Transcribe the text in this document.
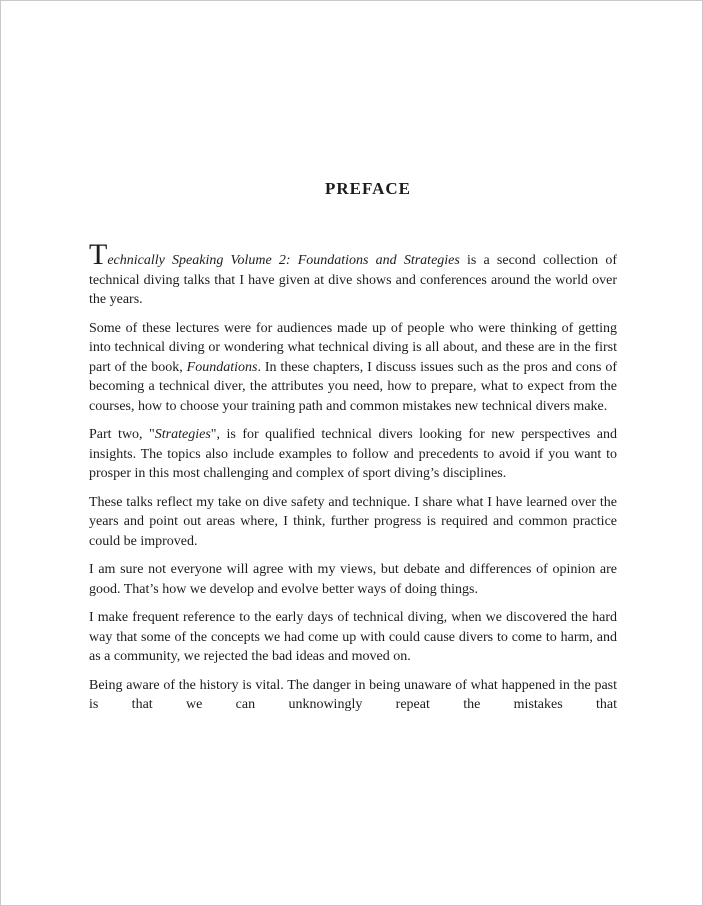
PREFACE

Technically Speaking Volume 2: Foundations and Strategies is a second collection of technical diving talks that I have given at dive shows and conferences around the world over the years.

Some of these lectures were for audiences made up of people who were thinking of getting into technical diving or wondering what technical diving is all about, and these are in the first part of the book, Foundations. In these chapters, I discuss issues such as the pros and cons of becoming a technical diver, the attributes you need, how to prepare, what to expect from the courses, how to choose your training path and common mistakes new technical divers make.

Part two, "Strategies", is for qualified technical divers looking for new perspectives and insights. The topics also include examples to follow and precedents to avoid if you want to prosper in this most challenging and complex of sport diving’s disciplines.

These talks reflect my take on dive safety and technique. I share what I have learned over the years and point out areas where, I think, further progress is required and common practice could be improved.

I am sure not everyone will agree with my views, but debate and differences of opinion are good. That’s how we develop and evolve better ways of doing things.

I make frequent reference to the early days of technical diving, when we discovered the hard way that some of the concepts we had come up with could cause divers to come to harm, and as a community, we rejected the bad ideas and moved on.

Being aware of the history is vital. The danger in being unaware of what happened in the past is that we can unknowingly repeat the mistakes that
